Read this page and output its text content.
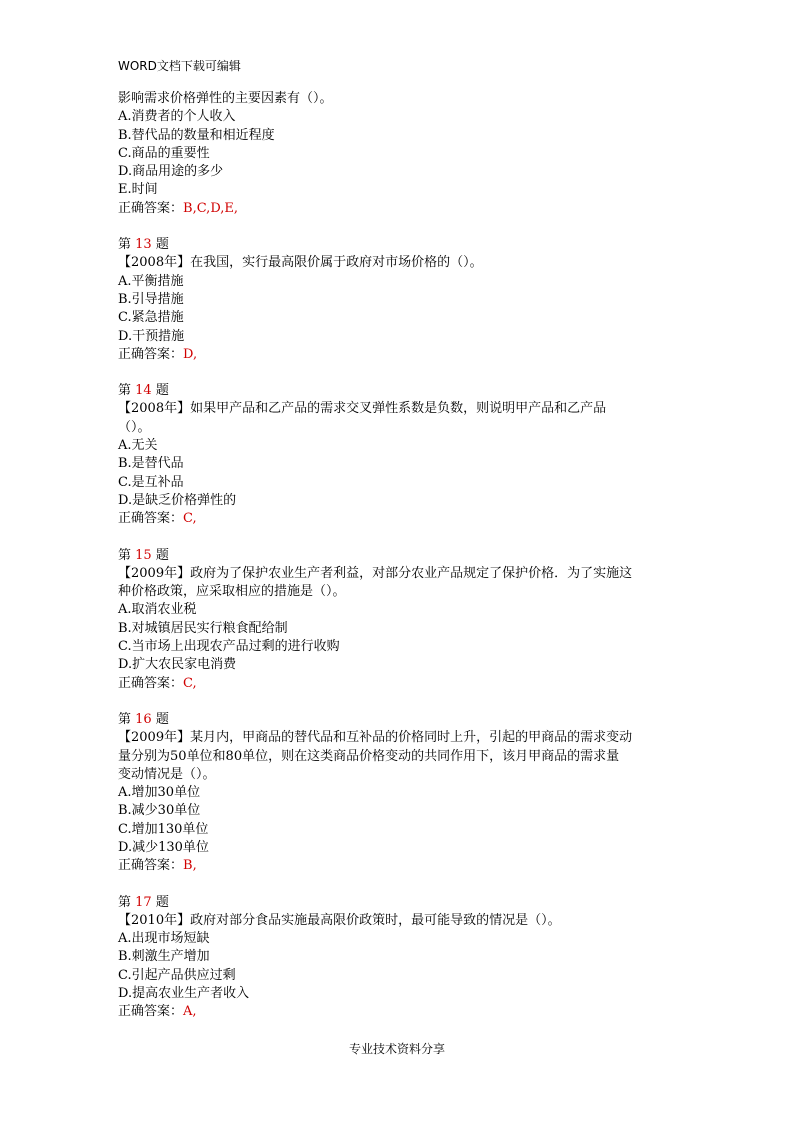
WORD文档下载可编辑
影响需求价格弹性的主要因素有（）。
A.消费者的个人收入
B.替代品的数量和相近程度
C.商品的重要性
D.商品用途的多少
E.时间
正确答案：B,C,D,E,
第 13 题
【2008年】在我国，实行最高限价属于政府对市场价格的（）。
A.平衡措施
B.引导措施
C.紧急措施
D.干预措施
正确答案：D,
第 14 题
【2008年】如果甲产品和乙产品的需求交叉弹性系数是负数，则说明甲产品和乙产品
（）。
A.无关
B.是替代品
C.是互补品
D.是缺乏价格弹性的
正确答案：C,
第 15 题
【2009年】政府为了保护农业生产者利益，对部分农业产品规定了保护价格．为了实施这
种价格政策，应采取相应的措施是（）。
A.取消农业税
B.对城镇居民实行粮食配给制
C.当市场上出现农产品过剩的进行收购
D.扩大农民家电消费
正确答案：C,
第 16 题
【2009年】某月内，甲商品的替代品和互补品的价格同时上升，引起的甲商品的需求变动
量分别为50单位和80单位，则在这类商品价格变动的共同作用下，该月甲商品的需求量
变动情况是（）。
A.增加30单位
B.减少30单位
C.增加130单位
D.减少130单位
正确答案：B,
第 17 题
【2010年】政府对部分食品实施最高限价政策时，最可能导致的情况是（）。
A.出现市场短缺
B.刺激生产增加
C.引起产品供应过剩
D.提高农业生产者收入
正确答案：A,
专业技术资料分享
